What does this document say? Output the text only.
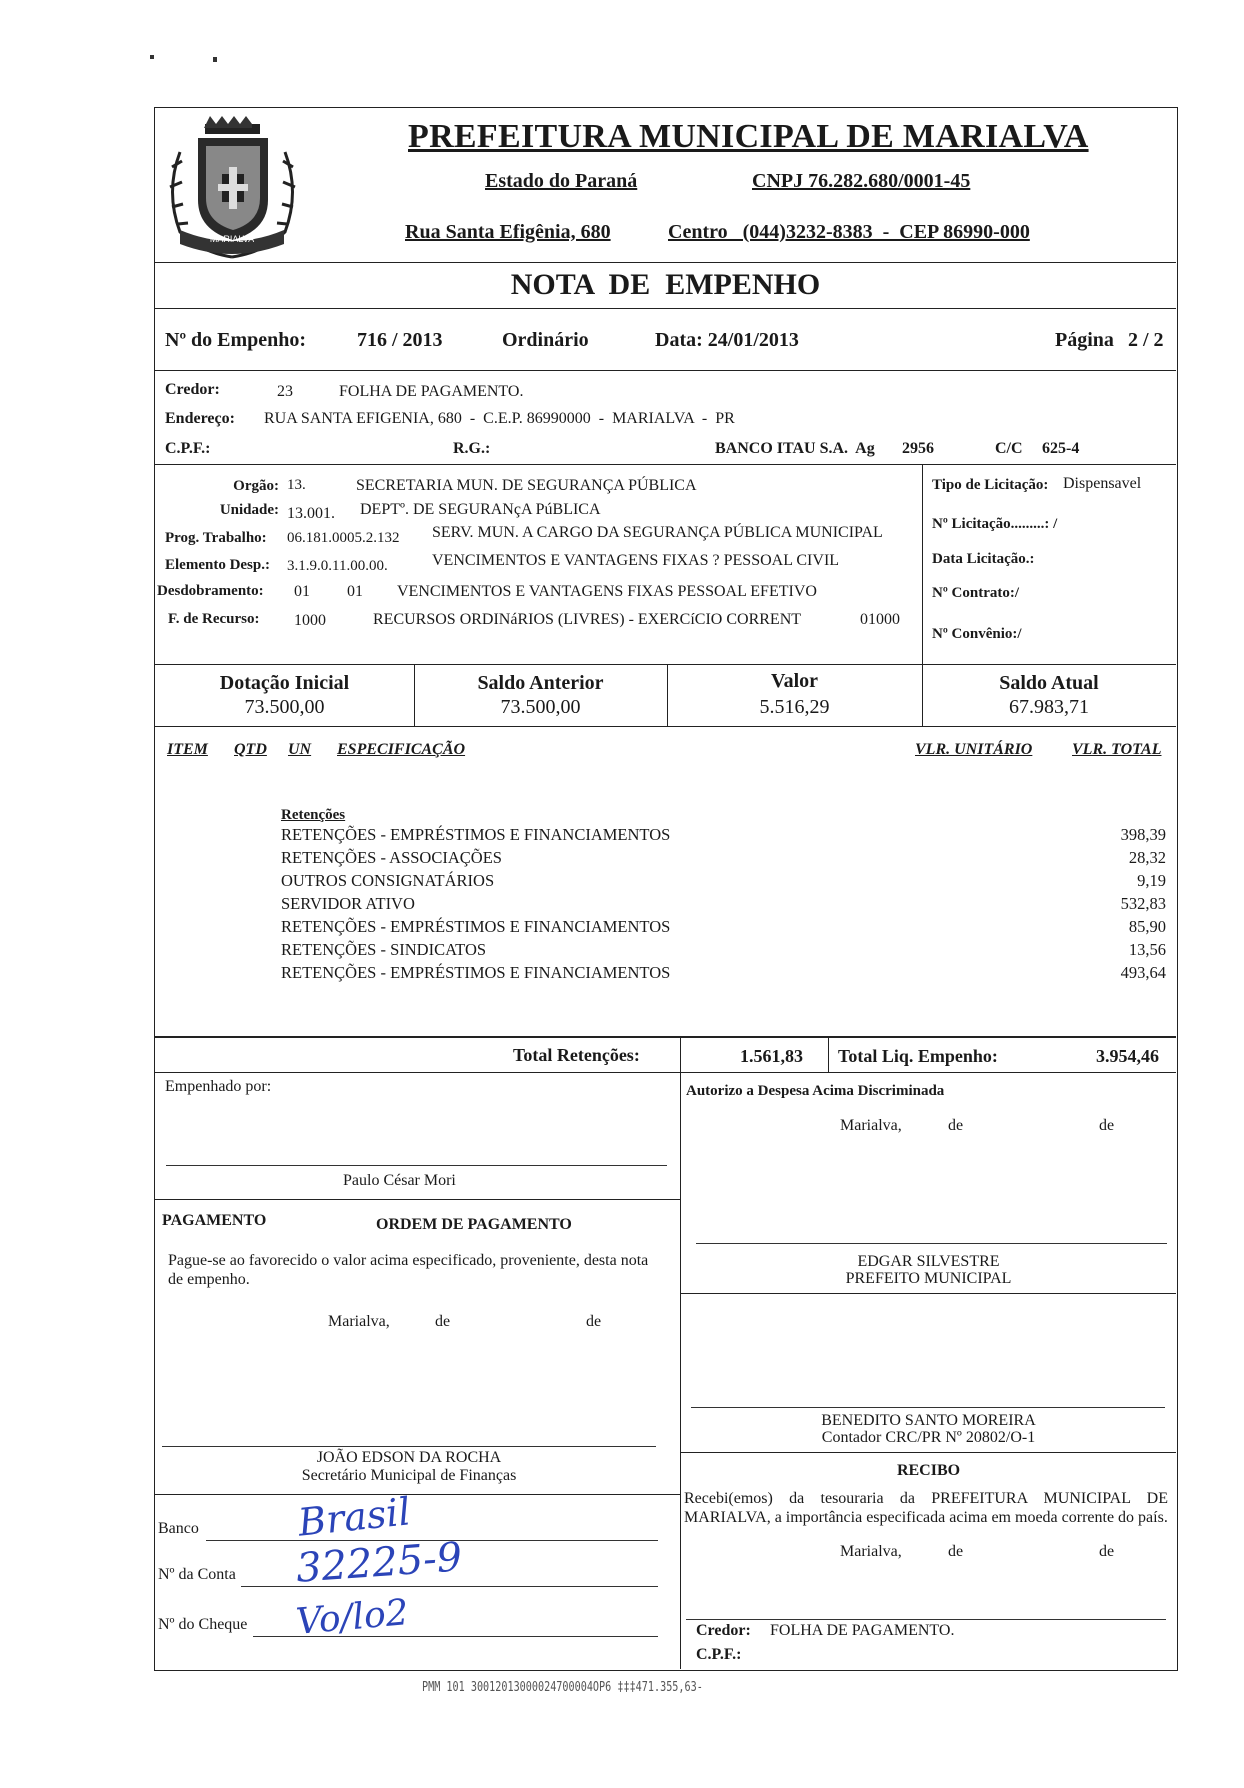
MARIALVA
PREFEITURA MUNICIPAL DE MARIALVA
Estado do Paraná	CNPJ 76.282.680/0001-45
Rua Santa Efigênia, 680	Centro   (044)3232-8383  -  CEP 86990-000
NOTA  DE  EMPENHO
Nº do Empenho:	716 / 2013	Ordinário	Data: 24/01/2013	Página 2 / 2
Credor:	23	FOLHA DE PAGAMENTO.
Endereço: RUA SANTA EFIGENIA, 680  -  C.E.P. 86990000  -  MARIALVA  -  PR
C.P.F.:	R.G.:	BANCO ITAU S.A.  Ag 2956	C/C 625-4
Orgão: 13.	SECRETARIA MUN. DE SEGURANÇA PÚBLICA
Unidade: 13.001. DEPTº. DE SEGURANçA PúBLICA
Prog. Trabalho: 06.181.0005.2.132 SERV. MUN. A CARGO DA SEGURANÇA PÚBLICA MUNICIPAL
Elemento Desp.: 3.1.9.0.11.00.00.	VENCIMENTOS E VANTAGENS FIXAS ? PESSOAL CIVIL
Desdobramento: 01 01 VENCIMENTOS E VANTAGENS FIXAS PESSOAL EFETIVO
F. de Recurso: 1000	RECURSOS ORDINáRIOS (LIVRES) - EXERCíCIO CORRENT	01000
Tipo de Licitação: Dispensavel
Nº Licitação.........: /
Data Licitação.:
Nº Contrato:/
Nº Convênio:/
Dotação Inicial
73.500,00
Saldo Anterior
73.500,00
Valor
5.516,29
Saldo Atual
67.983,71
ITEM QTD UN ESPECIFICAÇÃO	VLR. UNITÁRIO VLR. TOTAL
Retenções
RETENÇÕES - EMPRÉSTIMOS E FINANCIAMENTOS	398,39
RETENÇÕES - ASSOCIAÇÕES	28,32
OUTROS CONSIGNATÁRIOS	9,19
SERVIDOR ATIVO	532,83
RETENÇÕES - EMPRÉSTIMOS E FINANCIAMENTOS	85,90
RETENÇÕES - SINDICATOS	13,56
RETENÇÕES - EMPRÉSTIMOS E FINANCIAMENTOS	493,64
Total Retenções:	1.561,83 Total Liq. Empenho:	3.954,46
Empenhado por:
Paulo César Mori
Autorizo a Despesa Acima Discriminada
Marialva,	de	de
PAGAMENTO	ORDEM DE PAGAMENTO
Pague-se ao favorecido o valor acima especificado, proveniente, desta nota de empenho.
Marialva,	de	de
JOÃO EDSON DA ROCHA
Secretário Municipal de Finanças
EDGAR SILVESTRE
PREFEITO MUNICIPAL
BENEDITO SANTO MOREIRA
Contador CRC/PR Nº 20802/O-1
RECIBO
Recebi(emos) da tesouraria da PREFEITURA MUNICIPAL DE MARIALVA, a importância especificada acima em moeda corrente do país.
Marialva,	de	de
Credor: FOLHA DE PAGAMENTO.
C.P.F.:
Banco	Brasil
Nº da Conta 32225-9
Nº do Cheque Vo/lo2
PMM 101 30012013000024700004OP6 ‡‡‡471.355,63-
